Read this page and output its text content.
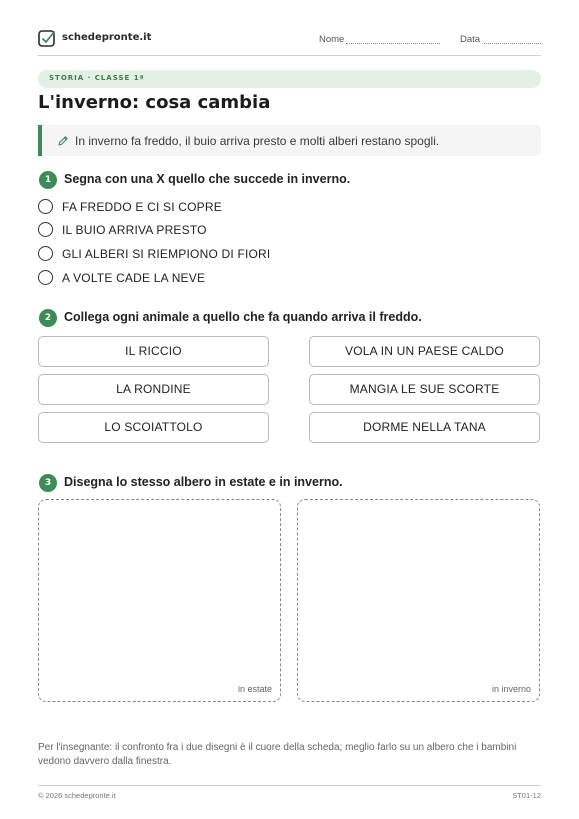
schedepronte.it	Nome	Data
STORIA · CLASSE 1ª
L'inverno: cosa cambia
In inverno fa freddo, il buio arriva presto e molti alberi restano spogli.
1	Segna con una X quello che succede in inverno.
FA FREDDO E CI SI COPRE
IL BUIO ARRIVA PRESTO
GLI ALBERI SI RIEMPIONO DI FIORI
A VOLTE CADE LA NEVE
2	Collega ogni animale a quello che fa quando arriva il freddo.
IL RICCIO
LA RONDINE
LO SCOIATTOLO
VOLA IN UN PAESE CALDO
MANGIA LE SUE SCORTE
DORME NELLA TANA
3	Disegna lo stesso albero in estate e in inverno.
in estate	in inverno
Per l'insegnante: il confronto fra i due disegni è il cuore della scheda; meglio farlo su un albero che i bambini vedono davvero dalla finestra.
© 2026 schedepronte.it	ST01-12
